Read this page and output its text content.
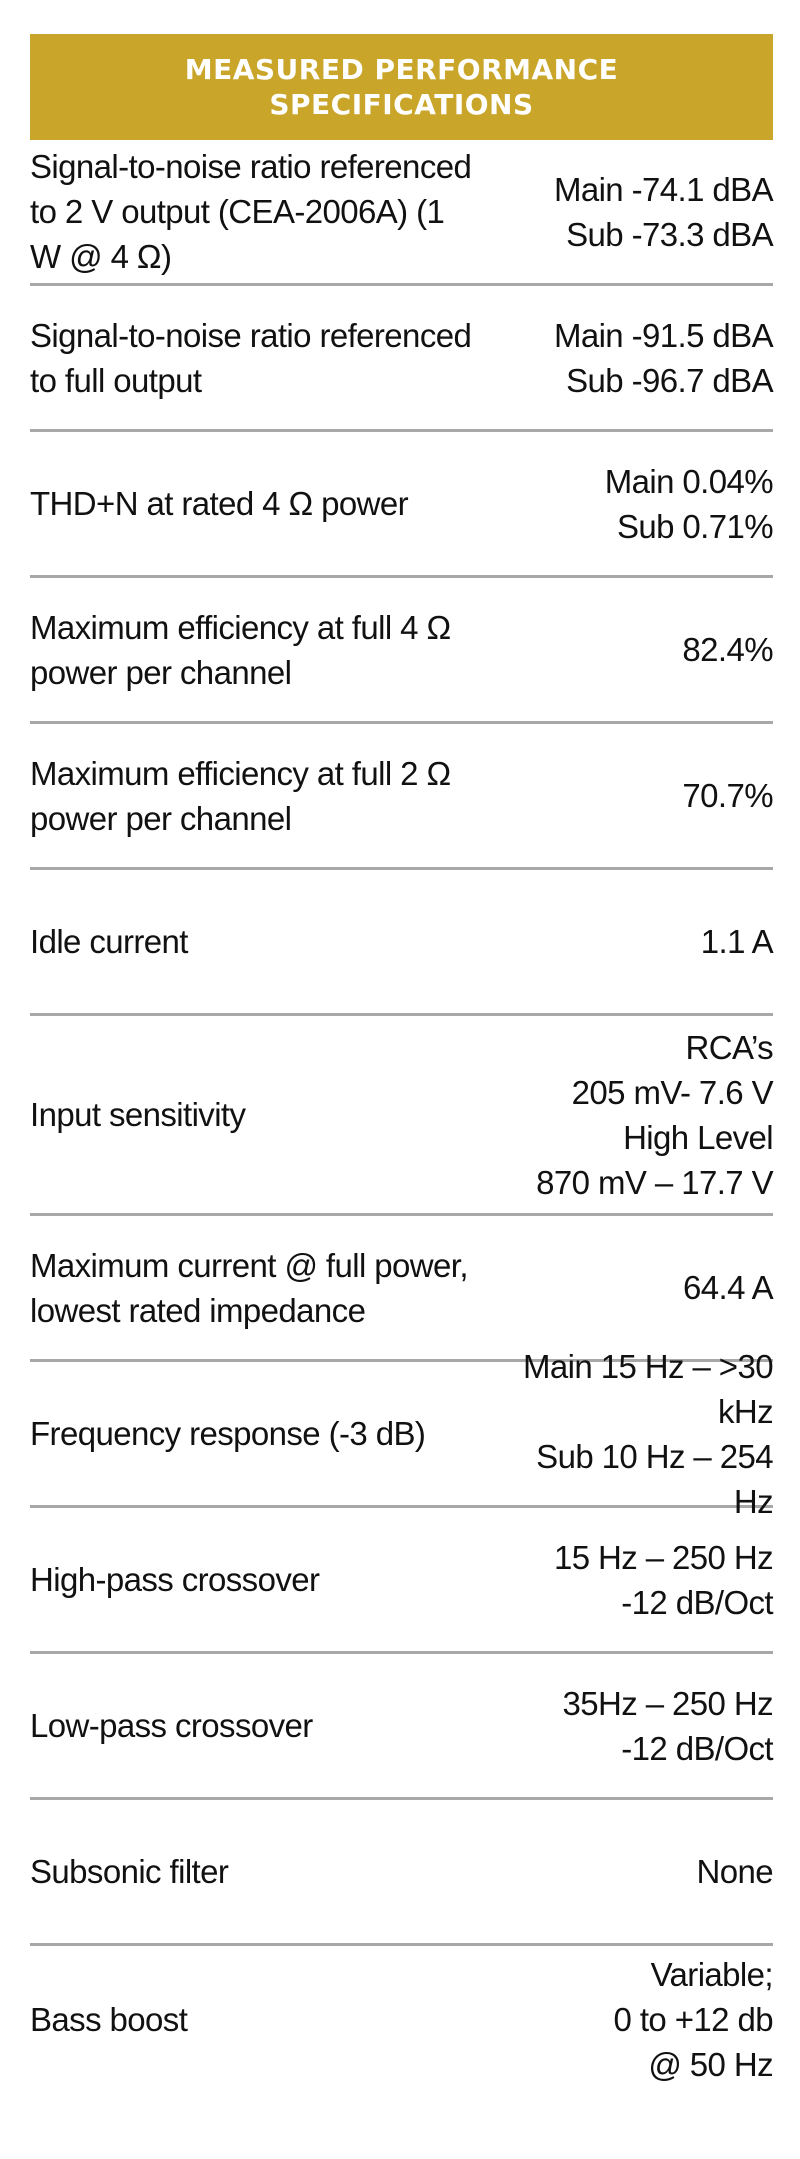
MEASURED PERFORMANCE
SPECIFICATIONS
Signal-to-noise ratio referenced
to 2 V output (CEA-2006A) (1
W @ 4 Ω)
Main -74.1 dBA
Sub -73.3 dBA
Signal-to-noise ratio referenced
to full output
Main -91.5 dBA
Sub -96.7 dBA
THD+N at rated 4 Ω power
Main 0.04%
Sub 0.71%
Maximum efficiency at full 4 Ω
power per channel
82.4%
Maximum efficiency at full 2 Ω
power per channel
70.7%
Idle current	1.1 A
Input sensitivity
RCA’s
205 mV- 7.6 V
High Level
870 mV – 17.7 V
Maximum current @ full power,
lowest rated impedance
64.4 A
Frequency response (-3 dB)
Main 15 Hz – >30
kHz
Sub 10 Hz – 254 Hz
High-pass crossover
15 Hz – 250 Hz
-12 dB/Oct
Low-pass crossover
35Hz – 250 Hz
-12 dB/Oct
Subsonic filter	None
Bass boost
Variable;
0 to +12 db
@ 50 Hz
